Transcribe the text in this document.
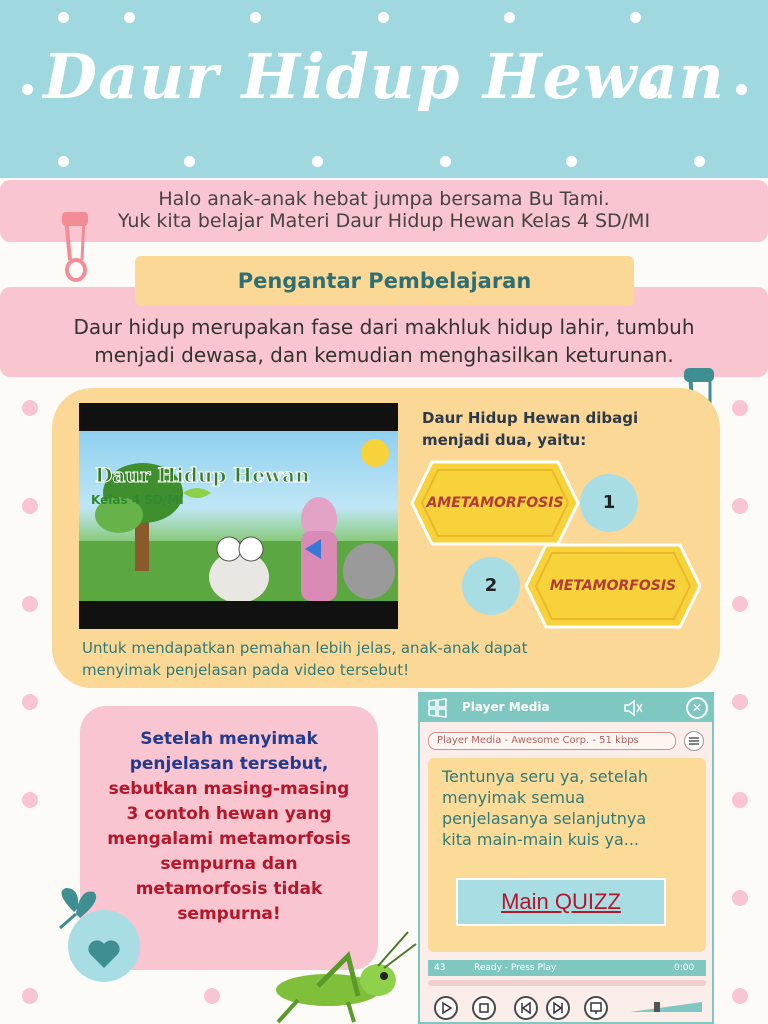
Daur Hidup Hewan
Halo anak-anak hebat jumpa bersama Bu Tami.
Yuk kita belajar Materi Daur Hidup Hewan Kelas 4 SD/MI
Daur hidup merupakan fase dari makhluk hidup lahir, tumbuh
menjadi dewasa, dan kemudian menghasilkan keturunan.
Pengantar Pembelajaran
Daur Hidup Hewan
Kelas 4 SD/MI
Daur Hidup Hewan dibagi
menjadi dua, yaitu:
AMETAMORFOSIS	1
2	METAMORFOSIS
Untuk mendapatkan pemahan lebih jelas, anak-anak dapat
menyimak penjelasan pada video tersebut!
Setelah menyimak
penjelasan tersebut,
sebutkan masing-masing
3 contoh hewan yang
mengalami metamorfosis
sempurna dan
metamorfosis tidak
sempurna!
Player Media	✕
Player Media - Awesome Corp. - 51 kbps
Tentunya seru ya, setelah
menyimak semua
penjelasanya selanjutnya
kita main-main kuis ya...
Main QUIZZ
43	Ready - Press Play	0:00
